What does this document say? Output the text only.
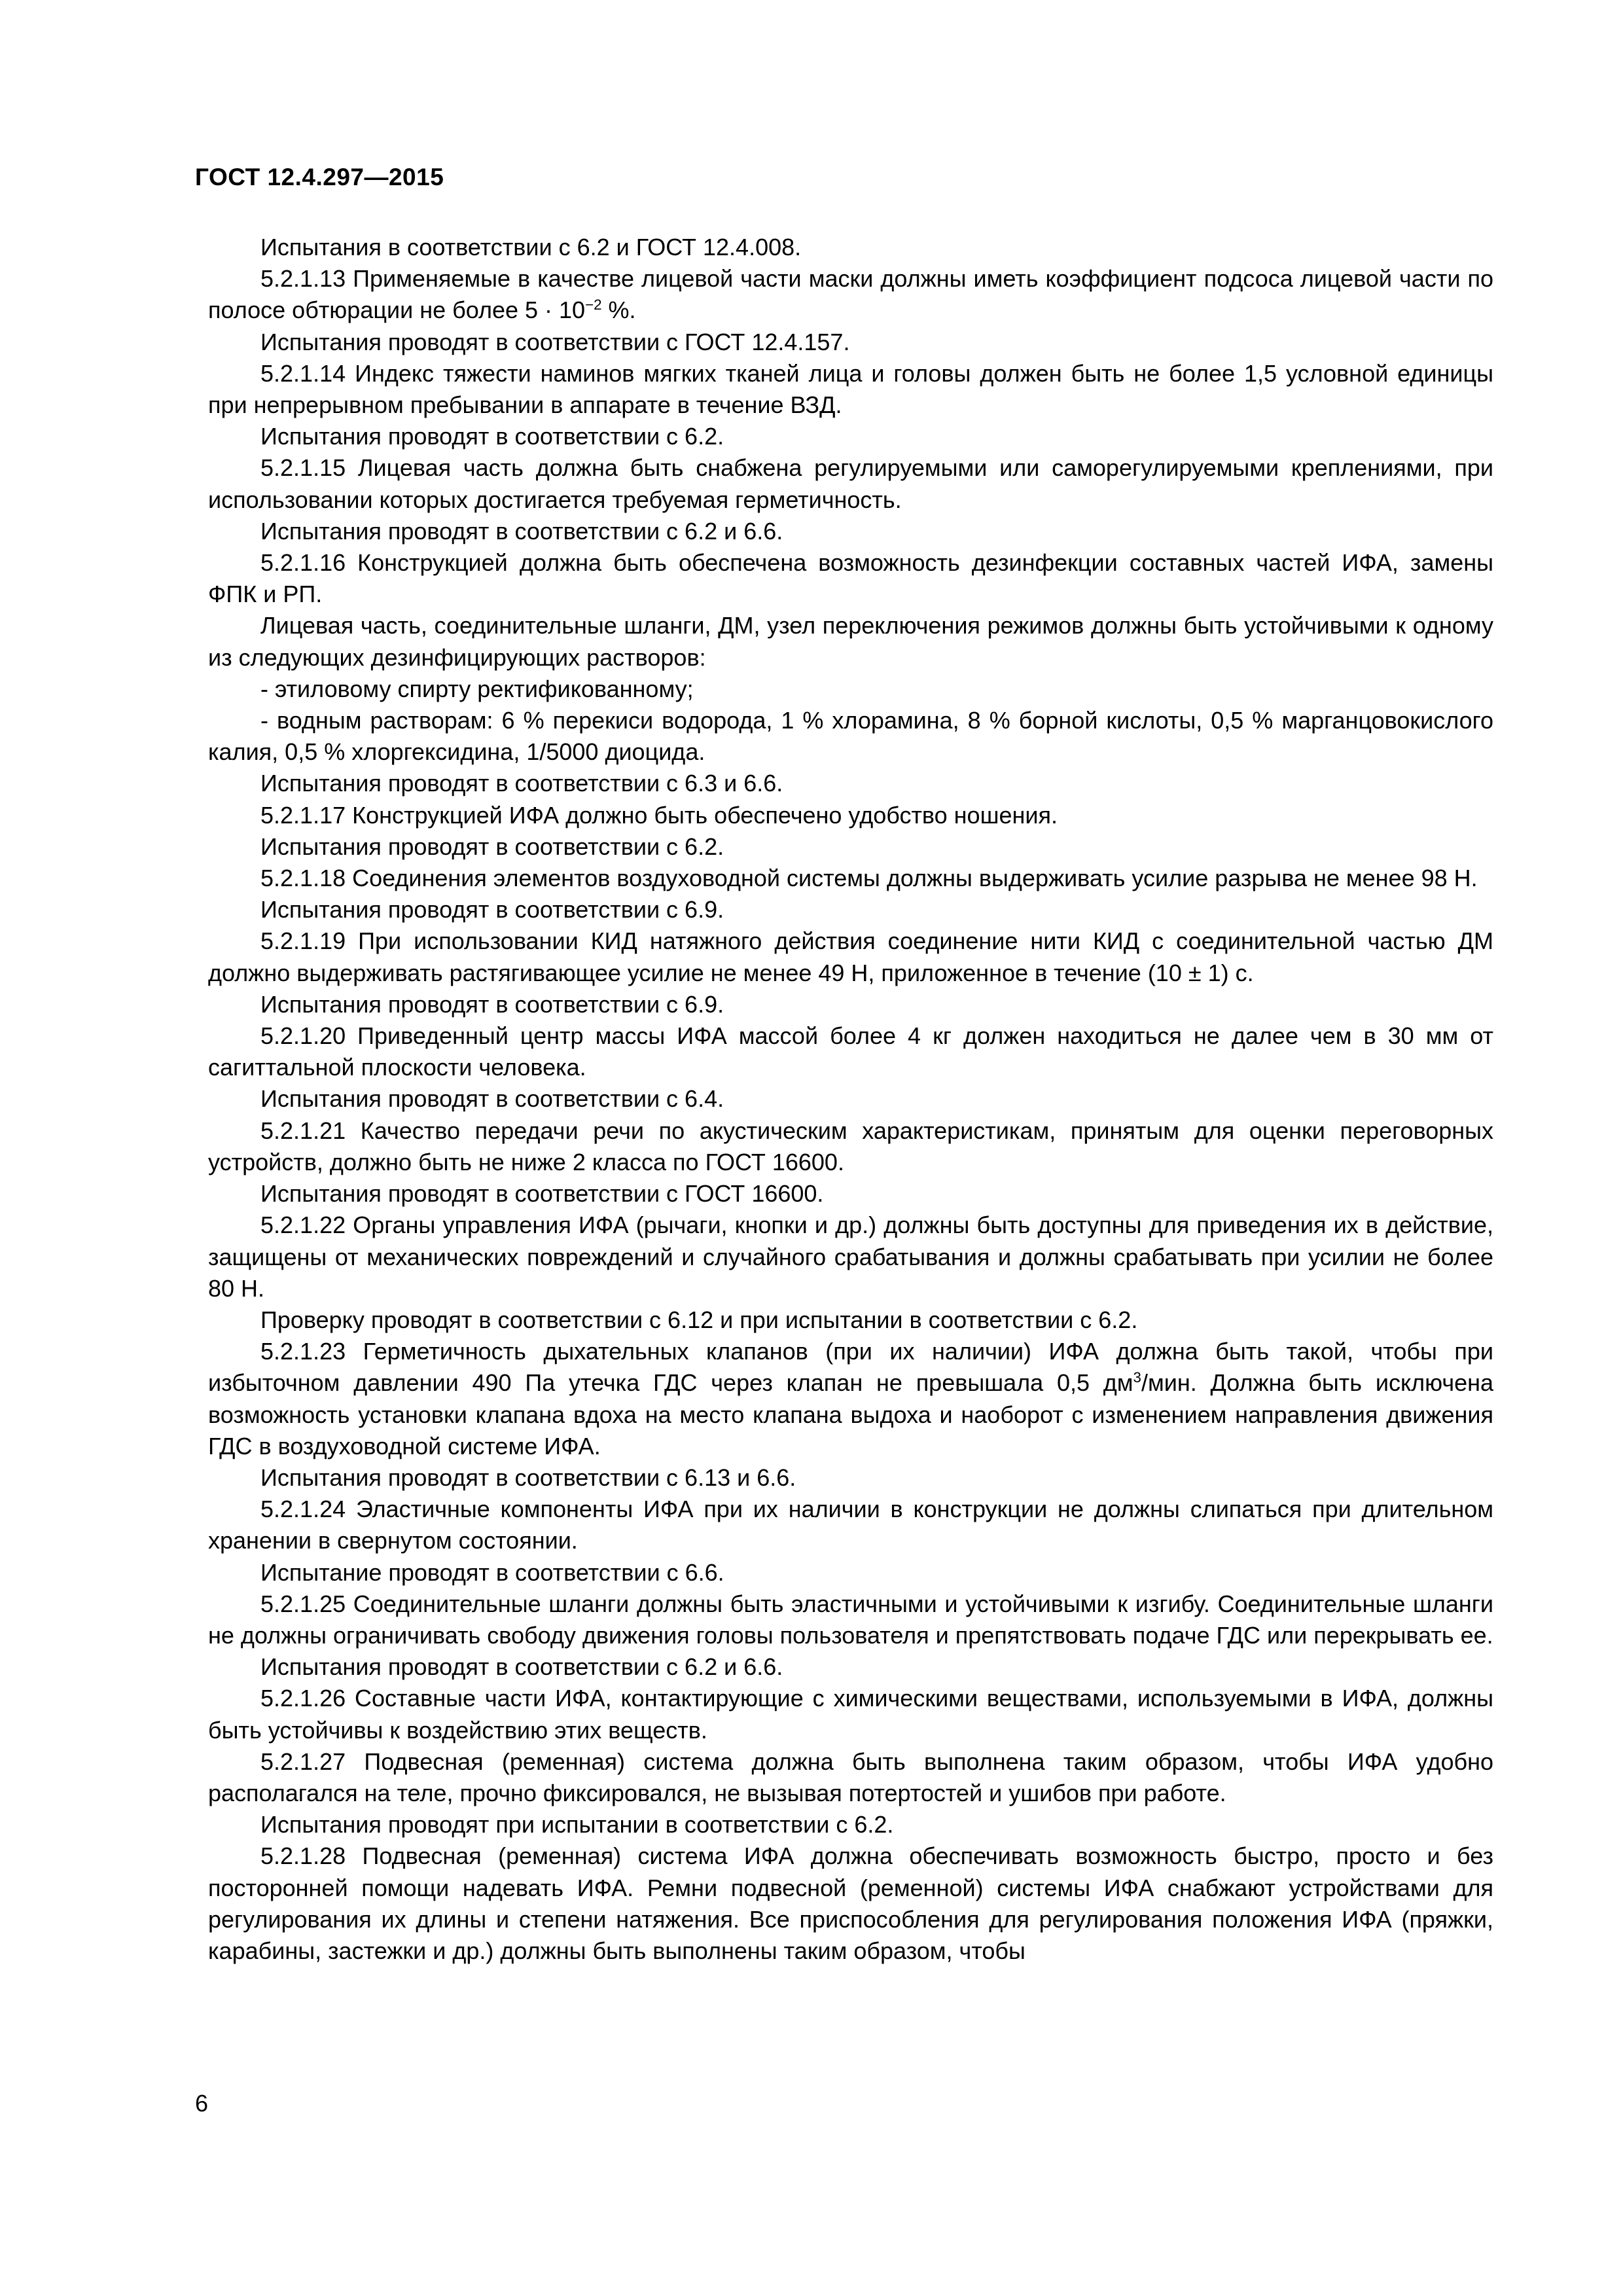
ГОСТ 12.4.297—2015

Испытания в соответствии с 6.2 и ГОСТ 12.4.008.

5.2.1.13 Применяемые в качестве лицевой части маски должны иметь коэффициент подсоса лицевой части по полосе обтюрации не более $5 \cdot 10^{-2}$ %.

Испытания проводят в соответствии с ГОСТ 12.4.157.

5.2.1.14 Индекс тяжести наминов мягких тканей лица и головы должен быть не более 1,5 условной единицы при непрерывном пребывании в аппарате в течение ВЗД.

Испытания проводят в соответствии с 6.2.

5.2.1.15 Лицевая часть должна быть снабжена регулируемыми или саморегулируемыми креплениями, при использовании которых достигается требуемая герметичность.

Испытания проводят в соответствии с 6.2 и 6.6.

5.2.1.16 Конструкцией должна быть обеспечена возможность дезинфекции составных частей ИФА, замены ФПК и РП.

Лицевая часть, соединительные шланги, ДМ, узел переключения режимов должны быть устойчивыми к одному из следующих дезинфицирующих растворов:

- этиловому спирту ректификованному;

- водным растворам: 6 % перекиси водорода, 1 % хлорамина, 8 % борной кислоты, 0,5 % марганцовокислого калия, 0,5 % хлоргексидина, 1/5000 диоцида.

Испытания проводят в соответствии с 6.3 и 6.6.

5.2.1.17 Конструкцией ИФА должно быть обеспечено удобство ношения.

Испытания проводят в соответствии с 6.2.

5.2.1.18 Соединения элементов воздуховодной системы должны выдерживать усилие разрыва не менее 98 Н.

Испытания проводят в соответствии с 6.9.

5.2.1.19 При использовании КИД натяжного действия соединение нити КИД с соединительной частью ДМ должно выдерживать растягивающее усилие не менее 49 Н, приложенное в течение (10 ± 1) с.

Испытания проводят в соответствии с 6.9.

5.2.1.20 Приведенный центр массы ИФА массой более 4 кг должен находиться не далее чем в 30 мм от сагиттальной плоскости человека.

Испытания проводят в соответствии с 6.4.

5.2.1.21 Качество передачи речи по акустическим характеристикам, принятым для оценки переговорных устройств, должно быть не ниже 2 класса по ГОСТ 16600.

Испытания проводят в соответствии с ГОСТ 16600.

5.2.1.22 Органы управления ИФА (рычаги, кнопки и др.) должны быть доступны для приведения их в действие, защищены от механических повреждений и случайного срабатывания и должны срабатывать при усилии не более 80 Н.

Проверку проводят в соответствии с 6.12 и при испытании в соответствии с 6.2.

5.2.1.23 Герметичность дыхательных клапанов (при их наличии) ИФА должна быть такой, чтобы при избыточном давлении 490 Па утечка ГДС через клапан не превышала 0,5 $дм^3$/мин. Должна быть исключена возможность установки клапана вдоха на место клапана выдоха и наоборот с изменением направления движения ГДС в воздуховодной системе ИФА.

Испытания проводят в соответствии с 6.13 и 6.6.

5.2.1.24 Эластичные компоненты ИФА при их наличии в конструкции не должны слипаться при длительном хранении в свернутом состоянии.

Испытание проводят в соответствии с 6.6.

5.2.1.25 Соединительные шланги должны быть эластичными и устойчивыми к изгибу. Соединительные шланги не должны ограничивать свободу движения головы пользователя и препятствовать подаче ГДС или перекрывать ее.

Испытания проводят в соответствии с 6.2 и 6.6.

5.2.1.26 Составные части ИФА, контактирующие с химическими веществами, используемыми в ИФА, должны быть устойчивы к воздействию этих веществ.

5.2.1.27 Подвесная (ременная) система должна быть выполнена таким образом, чтобы ИФА удобно располагался на теле, прочно фиксировался, не вызывая потертостей и ушибов при работе.

Испытания проводят при испытании в соответствии с 6.2.

5.2.1.28 Подвесная (ременная) система ИФА должна обеспечивать возможность быстро, просто и без посторонней помощи надевать ИФА. Ремни подвесной (ременной) системы ИФА снабжают устройствами для регулирования их длины и степени натяжения. Все приспособления для регулирования положения ИФА (пряжки, карабины, застежки и др.) должны быть выполнены таким образом, чтобы

6
